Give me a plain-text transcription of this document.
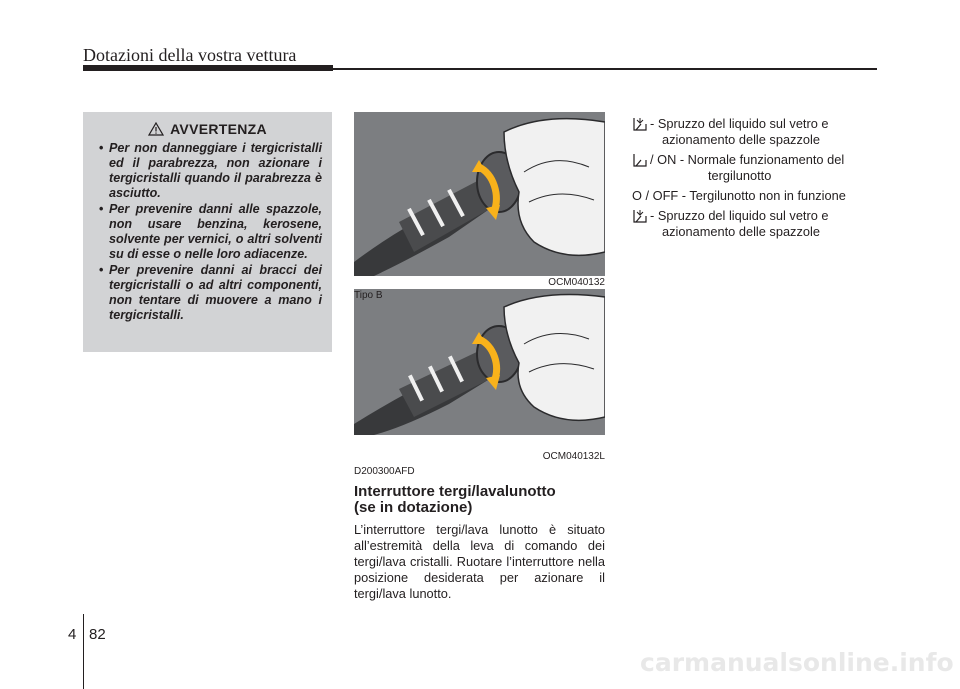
Dotazioni della vostra vettura
AVVERTENZA
• Per non danneggiare i tergicristalli ed il parabrezza, non azionare i tergicristalli quando il parabrezza è asciutto.
• Per prevenire danni alle spazzole, non usare benzina, kerosene, solvente per vernici, o altri solventi su di esse o nelle loro adiacenze.
• Per prevenire danni ai bracci dei tergicristalli o ad altri componenti, non tentare di muovere a mano i tergicristalli.
OCM040132
Tipo B
OCM040132L
D200300AFD
Interruttore tergi/lavalunotto
(se in dotazione)
L’interruttore tergi/lava lunotto è situato all’estremità della leva di comando dei tergi/lava cristalli. Ruotare l’interruttore nella posizione desiderata per azionare il tergi/lava lunotto.
- Spruzzo del liquido sul vetro e
azionamento delle spazzole
/ ON - Normale funzionamento del
tergilunotto
O / OFF - Tergilunotto non in funzione
- Spruzzo del liquido sul vetro e
azionamento delle spazzole
4 82
carmanualsonline.info
